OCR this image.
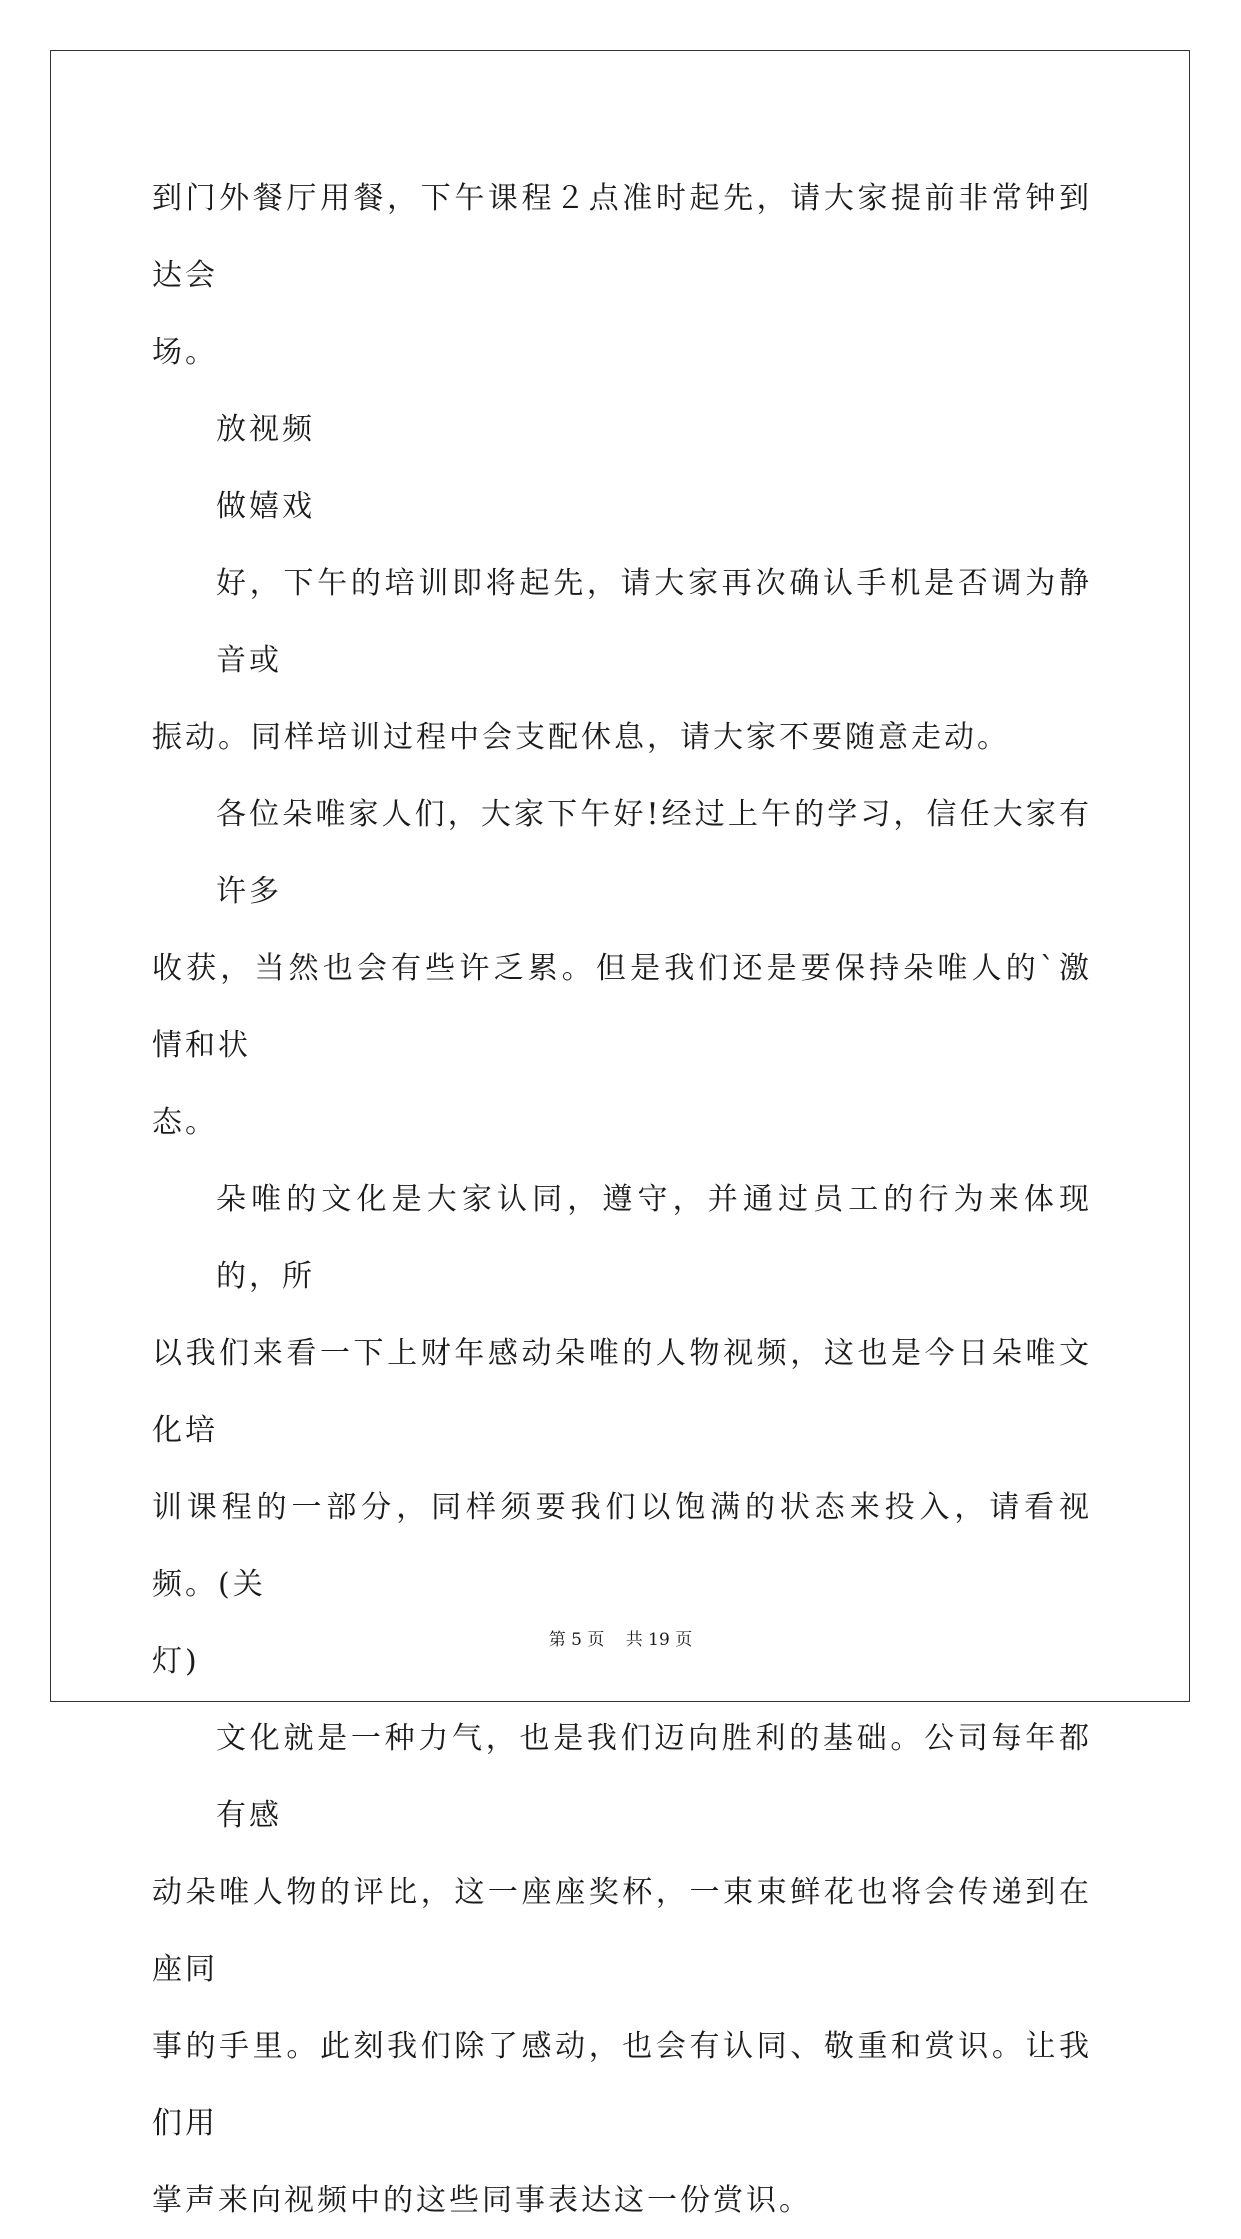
到门外餐厅用餐，下午课程２点准时起先，请大家提前非常钟到达会
场。

放视频

做嬉戏

好，下午的培训即将起先，请大家再次确认手机是否调为静音或
振动。同样培训过程中会支配休息，请大家不要随意走动。

各位朵唯家人们，大家下午好!经过上午的学习，信任大家有许多
收获，当然也会有些许乏累。但是我们还是要保持朵唯人的`激情和状
态。

朵唯的文化是大家认同，遵守，并通过员工的行为来体现的，所
以我们来看一下上财年感动朵唯的人物视频，这也是今日朵唯文化培
训课程的一部分，同样须要我们以饱满的状态来投入，请看视频。(关
灯)

文化就是一种力气，也是我们迈向胜利的基础。公司每年都有感
动朵唯人物的评比，这一座座奖杯，一束束鲜花也将会传递到在座同
事的手里。此刻我们除了感动，也会有认同、敬重和赏识。让我们用
掌声来向视频中的这些同事表达这一份赏识。

第 5 页 共 19 页
